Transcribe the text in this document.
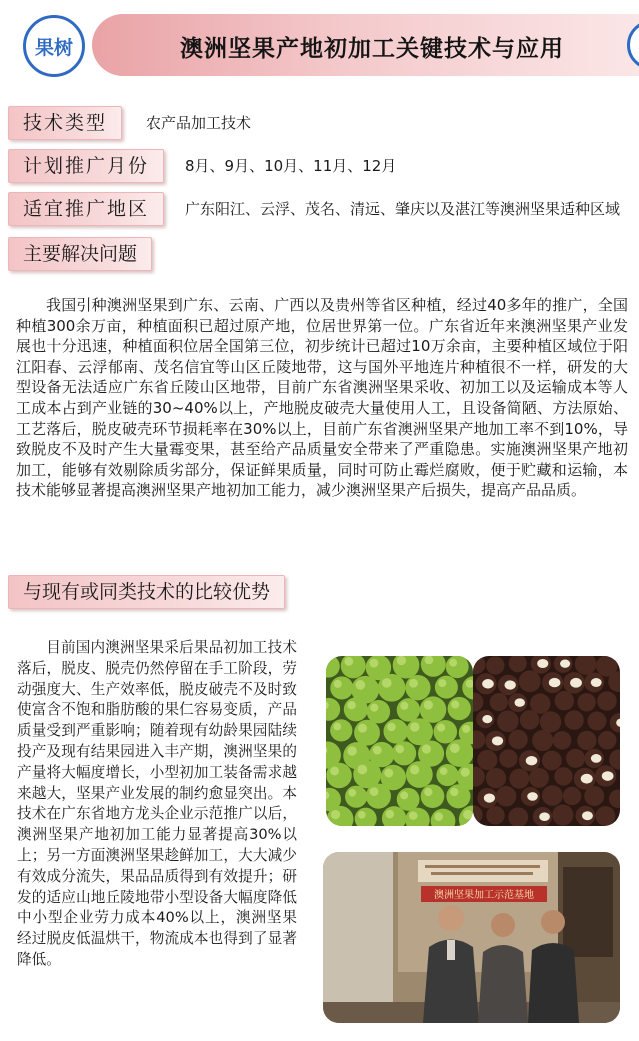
澳洲坚果产地初加工关键技术与应用
果树
技术类型	农产品加工技术
计划推广月份	8月、9月、10月、11月、12月
适宜推广地区	广东阳江、云浮、茂名、清远、肇庆以及湛江等澳洲坚果适种区域
主要解决问题
我国引种澳洲坚果到广东、云南、广西以及贵州等省区种植，经过40多年的推广，全国种植300余万亩，种植面积已超过原产地，位居世界第一位。广东省近年来澳洲坚果产业发展也十分迅速，种植面积位居全国第三位，初步统计已超过10万余亩，主要种植区域位于阳江阳春、云浮郁南、茂名信宜等山区丘陵地带，这与国外平地连片种植很不一样，研发的大型设备无法适应广东省丘陵山区地带，目前广东省澳洲坚果采收、初加工以及运输成本等人工成本占到产业链的30~40%以上，产地脱皮破壳大量使用人工，且设备简陋、方法原始、工艺落后，脱皮破壳环节损耗率在30%以上，目前广东省澳洲坚果产地加工率不到10%，导致脱皮不及时产生大量霉变果，甚至给产品质量安全带来了严重隐患。实施澳洲坚果产地初加工，能够有效剔除质劣部分，保证鲜果质量，同时可防止霉烂腐败，便于贮藏和运输，本技术能够显著提高澳洲坚果产地初加工能力，减少澳洲坚果产后损失，提高产品品质。
与现有或同类技术的比较优势
目前国内澳洲坚果采后果品初加工技术落后，脱皮、脱壳仍然停留在手工阶段，劳动强度大、生产效率低，脱皮破壳不及时致使富含不饱和脂肪酸的果仁容易变质，产品质量受到严重影响；随着现有幼龄果园陆续投产及现有结果园进入丰产期，澳洲坚果的产量将大幅度增长，小型初加工装备需求越来越大，坚果产业发展的制约愈显突出。本技术在广东省地方龙头企业示范推广以后，澳洲坚果产地初加工能力显著提高30%以上；另一方面澳洲坚果趁鲜加工，大大减少有效成分流失，果品品质得到有效提升；研发的适应山地丘陵地带小型设备大幅度降低中小型企业劳力成本40%以上，澳洲坚果经过脱皮低温烘干，物流成本也得到了显著降低。
澳洲坚果加工示范基地
